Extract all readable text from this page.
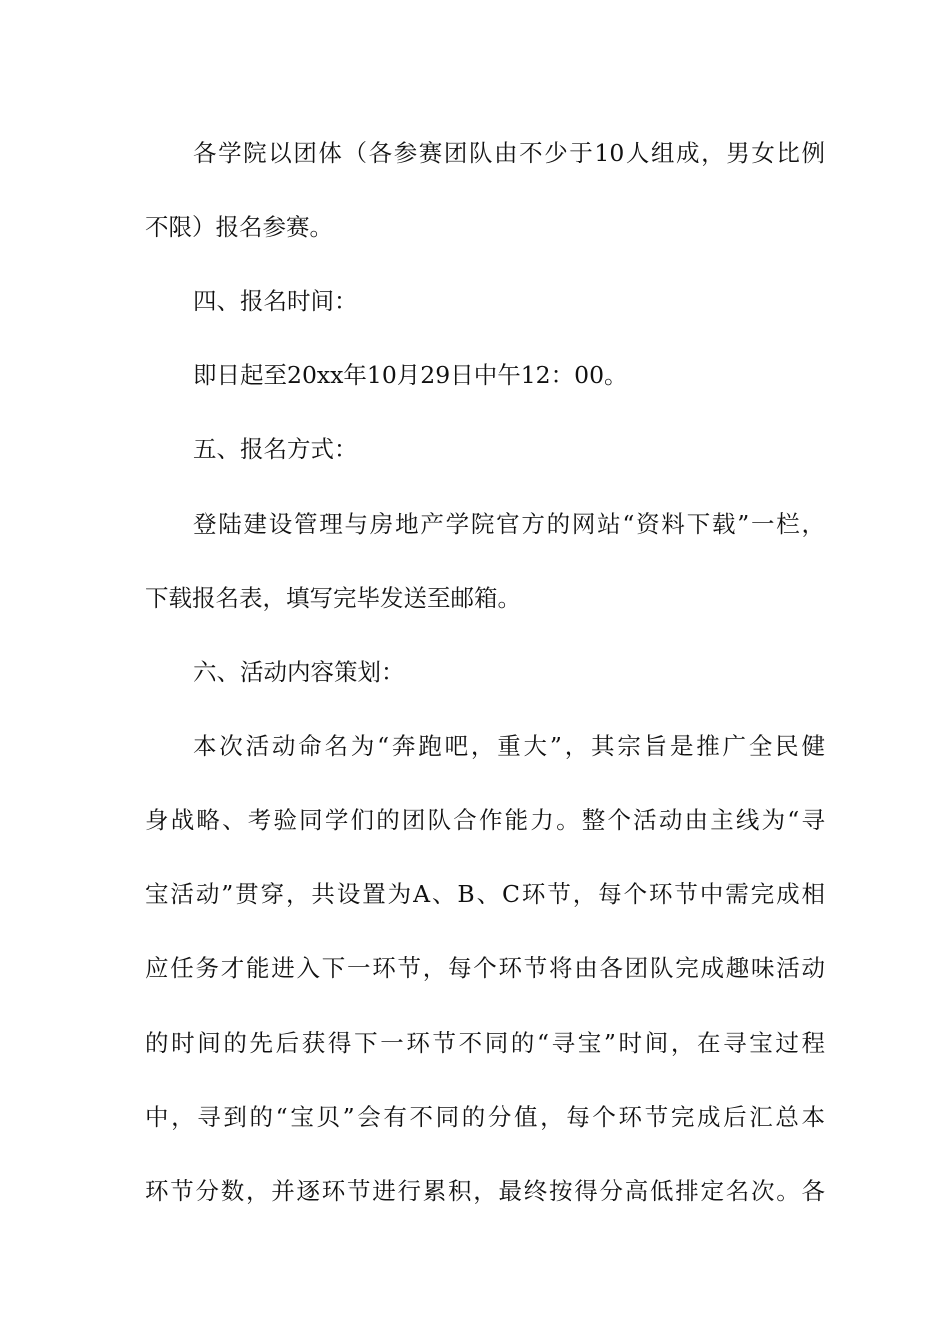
各学院以团体（各参赛团队由不少于10人组成，男女比例
不限）报名参赛。
四、报名时间：
即日起至20xx年10月29日中午12：00。
五、报名方式：
登陆建设管理与房地产学院官方的网站“资料下载”一栏，
下载报名表，填写完毕发送至邮箱。
六、活动内容策划：
本次活动命名为“奔跑吧，重大”，其宗旨是推广全民健
身战略、考验同学们的团队合作能力。整个活动由主线为“寻
宝活动”贯穿，共设置为A、B、C环节，每个环节中需完成相
应任务才能进入下一环节，每个环节将由各团队完成趣味活动
的时间的先后获得下一环节不同的“寻宝”时间，在寻宝过程
中，寻到的“宝贝”会有不同的分值，每个环节完成后汇总本
环节分数，并逐环节进行累积，最终按得分高低排定名次。各
